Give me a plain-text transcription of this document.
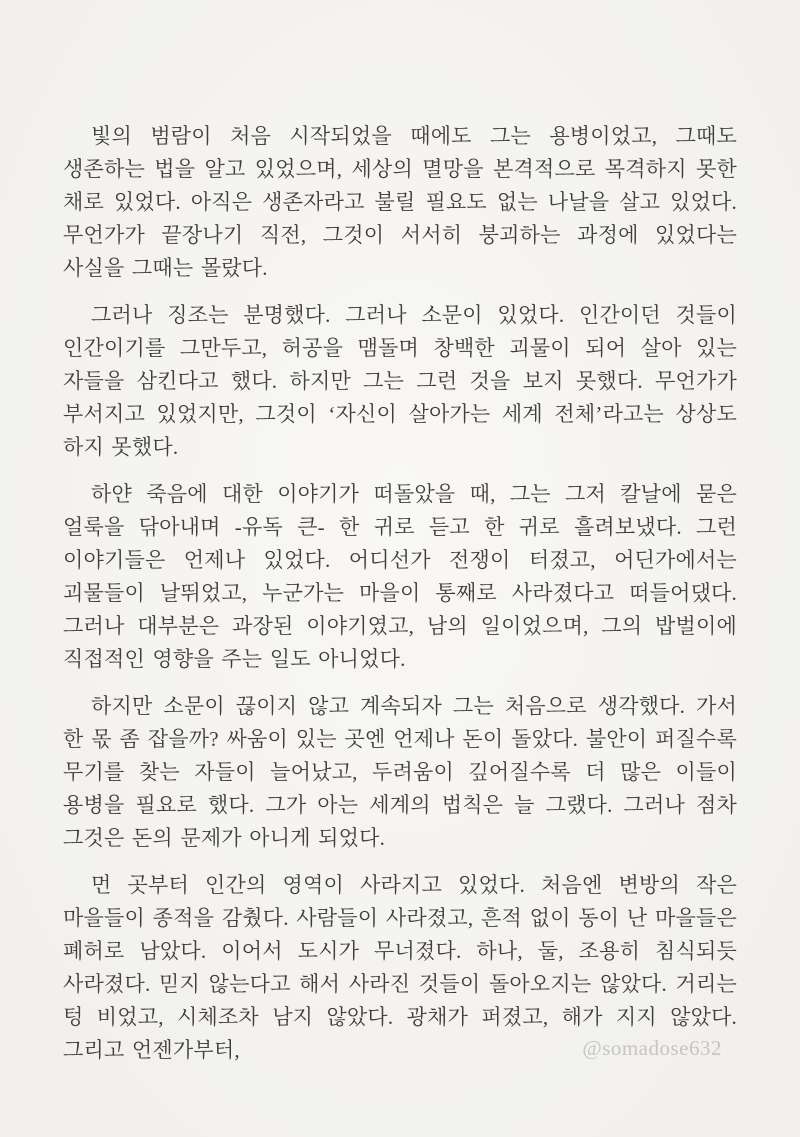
빛의 범람이 처음 시작되었을 때에도 그는 용병이었고, 그때도 생존하는 법을 알고 있었으며, 세상의 멸망을 본격적으로 목격하지 못한 채로 있었다. 아직은 생존자라고 불릴 필요도 없는 나날을 살고 있었다. 무언가가 끝장나기 직전, 그것이 서서히 붕괴하는 과정에 있었다는 사실을 그때는 몰랐다.

그러나 징조는 분명했다. 그러나 소문이 있었다. 인간이던 것들이 인간이기를 그만두고, 허공을 맴돌며 창백한 괴물이 되어 살아 있는 자들을 삼킨다고 했다. 하지만 그는 그런 것을 보지 못했다. 무언가가 부서지고 있었지만, 그것이 ‘자신이 살아가는 세계 전체’라고는 상상도 하지 못했다.

하얀 죽음에 대한 이야기가 떠돌았을 때, 그는 그저 칼날에 묻은 얼룩을 닦아내며 -유독 큰- 한 귀로 듣고 한 귀로 흘려보냈다. 그런 이야기들은 언제나 있었다. 어디선가 전쟁이 터졌고, 어딘가에서는 괴물들이 날뛰었고, 누군가는 마을이 통째로 사라졌다고 떠들어댔다. 그러나 대부분은 과장된 이야기였고, 남의 일이었으며, 그의 밥벌이에 직접적인 영향을 주는 일도 아니었다.

하지만 소문이 끊이지 않고 계속되자 그는 처음으로 생각했다. 가서 한 몫 좀 잡을까? 싸움이 있는 곳엔 언제나 돈이 돌았다. 불안이 퍼질수록 무기를 찾는 자들이 늘어났고, 두려움이 깊어질수록 더 많은 이들이 용병을 필요로 했다. 그가 아는 세계의 법칙은 늘 그랬다. 그러나 점차 그것은 돈의 문제가 아니게 되었다.

먼 곳부터 인간의 영역이 사라지고 있었다. 처음엔 변방의 작은 마을들이 종적을 감췄다. 사람들이 사라졌고, 흔적 없이 동이 난 마을들은 폐허로 남았다. 이어서 도시가 무너졌다. 하나, 둘, 조용히 침식되듯 사라졌다. 믿지 않는다고 해서 사라진 것들이 돌아오지는 않았다. 거리는 텅 비었고, 시체조차 남지 않았다. 광채가 퍼졌고, 해가 지지 않았다. 그리고 언젠가부터,	@somadose632
